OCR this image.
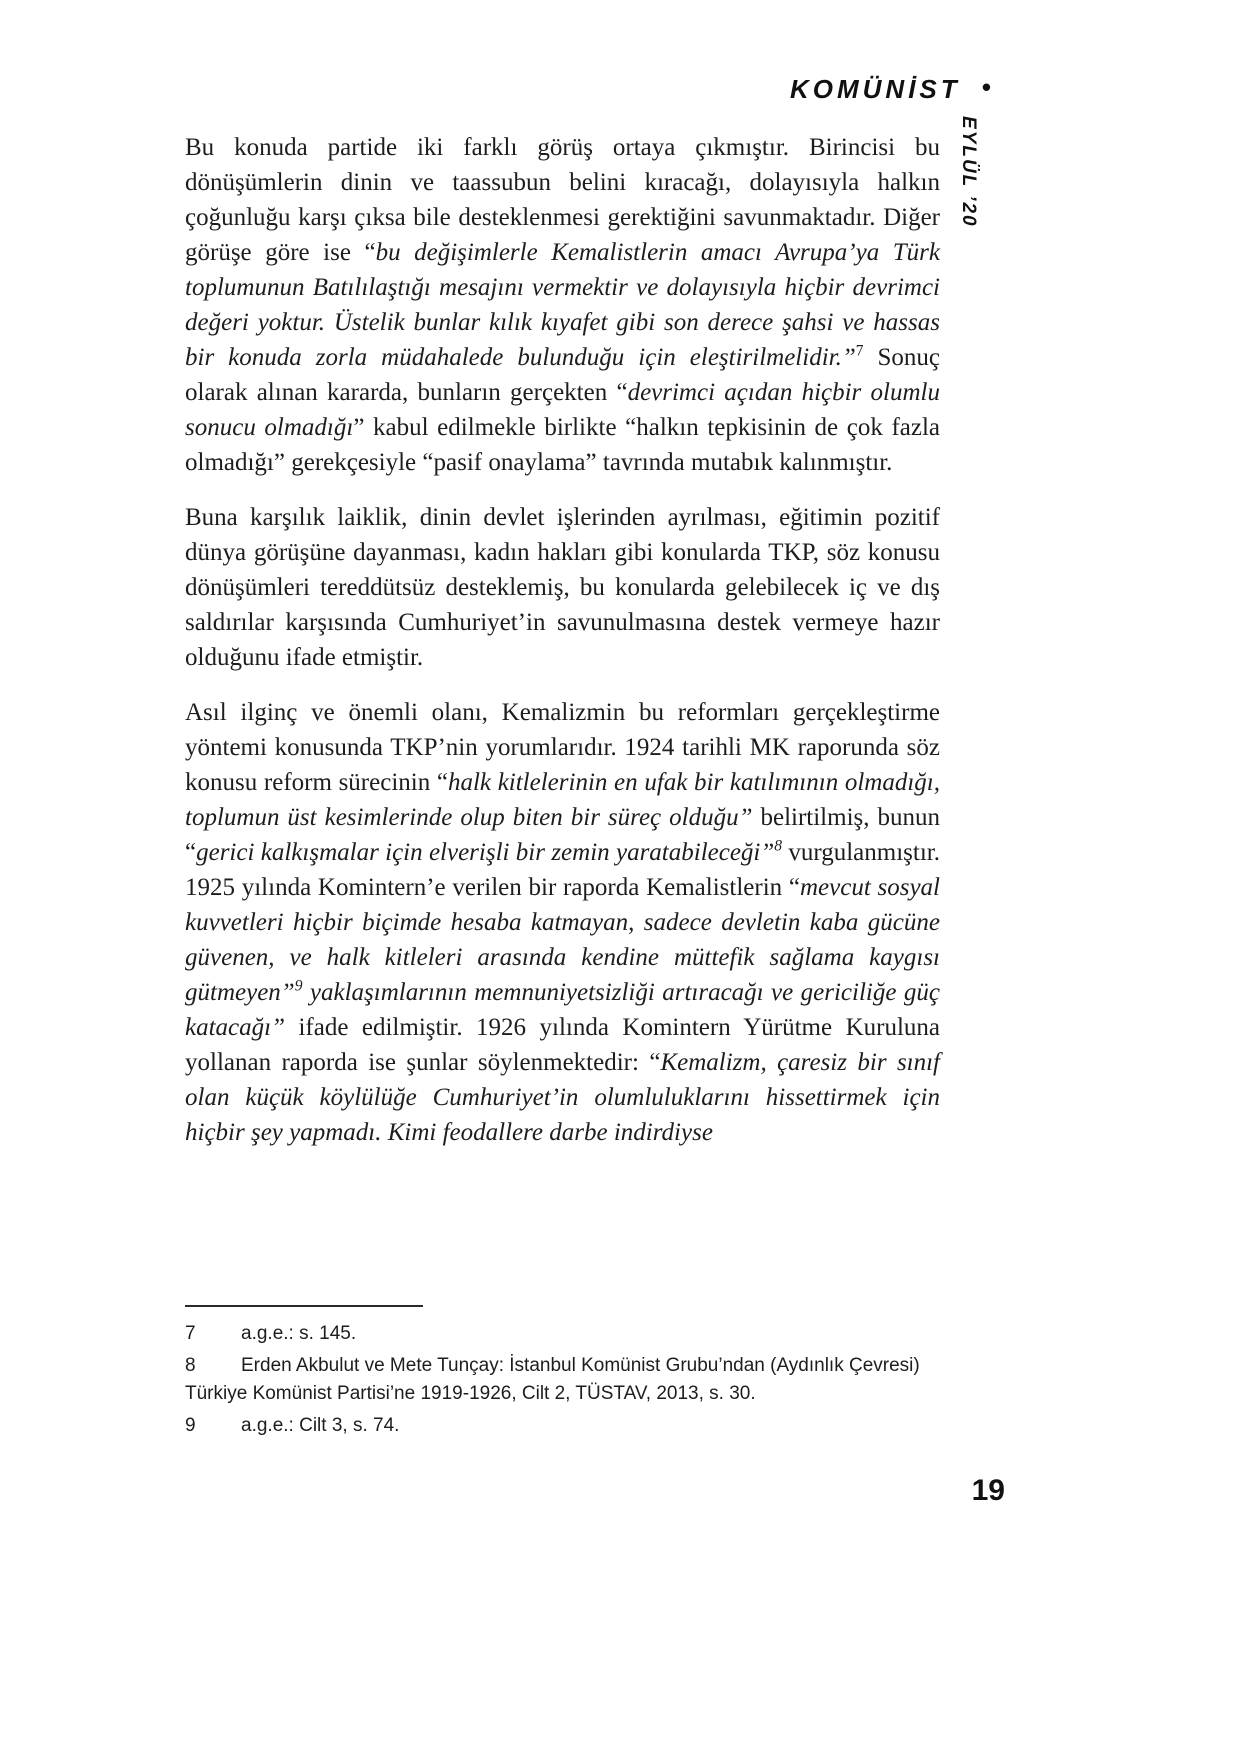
KOMÜNİST •
EYLÜL ’20

Bu konuda partide iki farklı görüş ortaya çıkmıştır. Birincisi bu dönüşümlerin dinin ve taassubun belini kıracağı, dolayısıyla halkın çoğunluğu karşı çıksa bile desteklenmesi gerektiğini savunmaktadır. Diğer görüşe göre ise “bu değişimlerle Kemalistlerin amacı Avrupa’ya Türk toplumunun Batılılaştığı mesajını vermektir ve dolayısıyla hiçbir devrimci değeri yoktur. Üstelik bunlar kılık kıyafet gibi son derece şahsi ve hassas bir konuda zorla müdahalede bulunduğu için eleştirilmelidir.”$^7$ Sonuç olarak alınan kararda, bunların gerçekten “devrimci açıdan hiçbir olumlu sonucu olmadığı” kabul edilmekle birlikte “halkın tepkisinin de çok fazla olmadığı” gerekçesiyle “pasif onaylama” tavrında mutabık kalınmıştır.

Buna karşılık laiklik, dinin devlet işlerinden ayrılması, eğitimin pozitif dünya görüşüne dayanması, kadın hakları gibi konularda TKP, söz konusu dönüşümleri tereddütsüz desteklemiş, bu konularda gelebilecek iç ve dış saldırılar karşısında Cumhuriyet’in savunulmasına destek vermeye hazır olduğunu ifade etmiştir.

Asıl ilginç ve önemli olanı, Kemalizmin bu reformları gerçekleştirme yöntemi konusunda TKP’nin yorumlarıdır. 1924 tarihli MK raporunda söz konusu reform sürecinin “halk kitlelerinin en ufak bir katılımının olmadığı, toplumun üst kesimlerinde olup biten bir süreç olduğu” belirtilmiş, bunun “gerici kalkışmalar için elverişli bir zemin yaratabileceği”$^8$ vurgulanmıştır. 1925 yılında Komintern’e verilen bir raporda Kemalistlerin “mevcut sosyal kuvvetleri hiçbir biçimde hesaba katmayan, sadece devletin kaba gücüne güvenen, ve halk kitleleri arasında kendine müttefik sağlama kaygısı gütmeyen”$^9$ yaklaşımlarının memnuniyetsizliği artıracağı ve gericiliğe güç katacağı” ifade edilmiştir. 1926 yılında Komintern Yürütme Kuruluna yollanan raporda ise şunlar söylenmektedir: “Kemalizm, çaresiz bir sınıf olan küçük köylülüğe Cumhuriyet’in olumluluklarını hissettirmek için hiçbir şey yapmadı. Kimi feodallere darbe indirdiyse

7 a.g.e.: s. 145.
8 Erden Akbulut ve Mete Tunçay: İstanbul Komünist Grubu’ndan (Aydınlık Çevresi) Türkiye Komünist Partisi’ne 1919-1926, Cilt 2, TÜSTAV, 2013, s. 30.
9 a.g.e.: Cilt 3, s. 74.
19
